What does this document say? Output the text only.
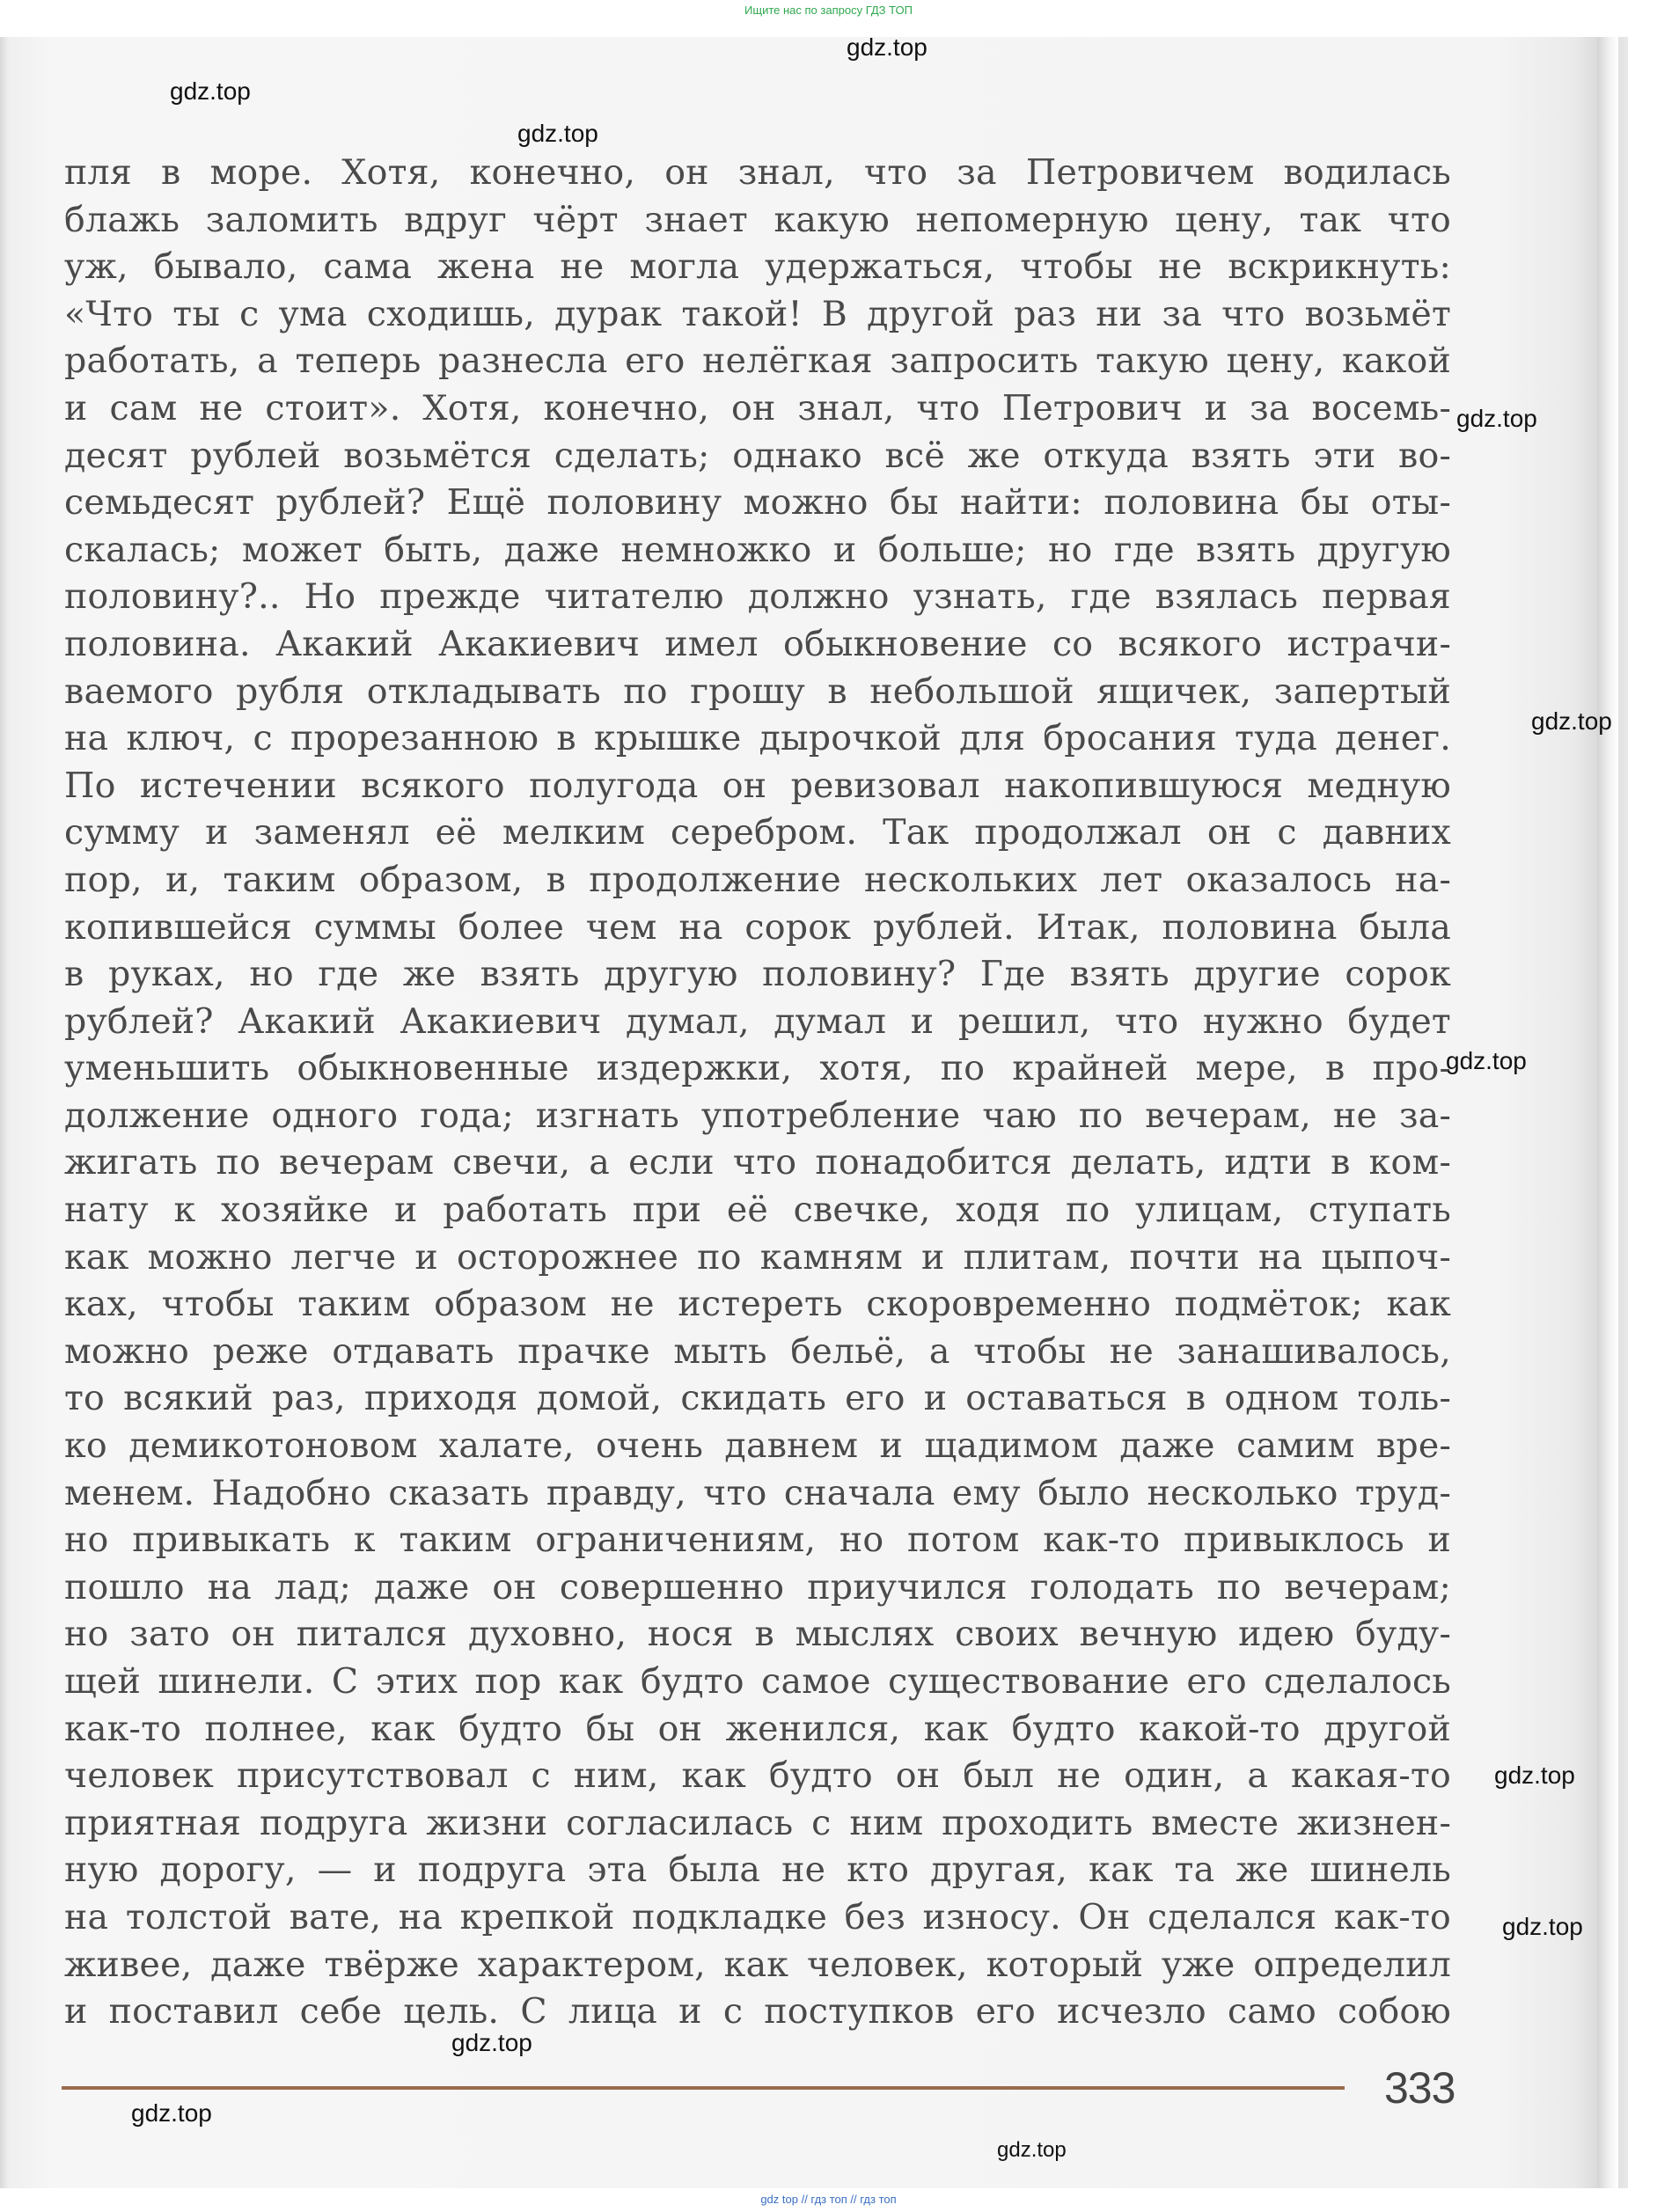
Ищите нас по запросу ГДЗ ТОП
пля в море. Хотя, конечно, он знал, что за Петровичем водилась
блажь заломить вдруг чёрт знает какую непомерную цену, так что
уж, бывало, сама жена не могла удержаться, чтобы не вскрикнуть:
«Что ты с ума сходишь, дурак такой! В другой раз ни за что возьмёт
работать, а теперь разнесла его нелёгкая запросить такую цену, какой
и сам не стоит». Хотя, конечно, он знал, что Петрович и за восемь-
десят рублей возьмётся сделать; однако всё же откуда взять эти во-
семьдесят рублей? Ещё половину можно бы найти: половина бы оты-
скалась; может быть, даже немножко и больше; но где взять другую
половину?.. Но прежде читателю должно узнать, где взялась первая
половина. Акакий Акакиевич имел обыкновение со всякого истрачи-
ваемого рубля откладывать по грошу в небольшой ящичек, запертый
на ключ, с прорезанною в крышке дырочкой для бросания туда денег.
По истечении всякого полугода он ревизовал накопившуюся медную
сумму и заменял её мелким серебром. Так продолжал он с давних
пор, и, таким образом, в продолжение нескольких лет оказалось на-
копившейся суммы более чем на сорок рублей. Итак, половина была
в руках, но где же взять другую половину? Где взять другие сорок
рублей? Акакий Акакиевич думал, думал и решил, что нужно будет
уменьшить обыкновенные издержки, хотя, по крайней мере, в про-
должение одного года; изгнать употребление чаю по вечерам, не за-
жигать по вечерам свечи, а если что понадобится делать, идти в ком-
нату к хозяйке и работать при её свечке, ходя по улицам, ступать
как можно легче и осторожнее по камням и плитам, почти на цыпоч-
ках, чтобы таким образом не истереть скоровременно подмёток; как
можно реже отдавать прачке мыть бельё, а чтобы не занашивалось,
то всякий раз, приходя домой, скидать его и оставаться в одном толь-
ко демикотоновом халате, очень давнем и щадимом даже самим вре-
менем. Надобно сказать правду, что сначала ему было несколько труд-
но привыкать к таким ограничениям, но потом как-то привыклось и
пошло на лад; даже он совершенно приучился голодать по вечерам;
но зато он питался духовно, нося в мыслях своих вечную идею буду-
щей шинели. С этих пор как будто самое существование его сделалось
как-то полнее, как будто бы он женился, как будто какой-то другой
человек присутствовал с ним, как будто он был не один, а какая-то
приятная подруга жизни согласилась с ним проходить вместе жизнен-
ную дорогу, — и подруга эта была не кто другая, как та же шинель
на толстой вате, на крепкой подкладке без износу. Он сделался как-то
живее, даже твёрже характером, как человек, который уже определил
и поставил себе цель. С лица и с поступков его исчезло само собою
333
gdz.top
gdz.top
gdz.top
gdz.top
gdz.top
gdz.top
gdz.top
gdz.top
gdz.top
gdz.top
gdz.top
gdz top // гдз топ // гдз топ
